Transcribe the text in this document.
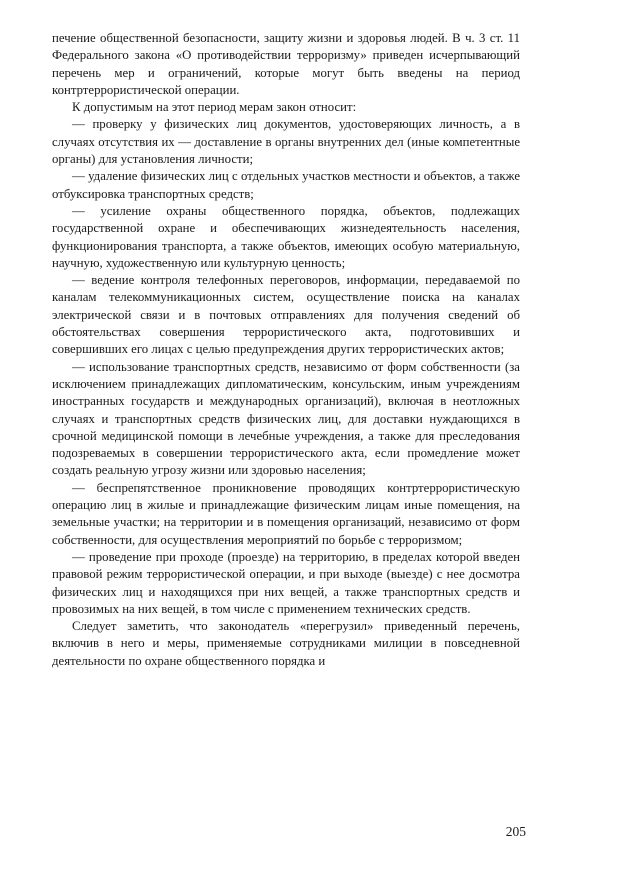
печение общественной безопасности, защиту жизни и здоровья людей. В ч. 3 ст. 11 Федерального закона «О противодействии терроризму» приведен исчерпывающий перечень мер и ограничений, которые могут быть введены на период контртеррористической операции.

К допустимым на этот период мерам закон относит:

— проверку у физических лиц документов, удостоверяющих личность, а в случаях отсутствия их — доставление в органы внутренних дел (иные компетентные органы) для установления личности;

— удаление физических лиц с отдельных участков местности и объектов, а также отбуксировка транспортных средств;

— усиление охраны общественного порядка, объектов, подлежащих государственной охране и обеспечивающих жизнедеятельность населения, функционирования транспорта, а также объектов, имеющих особую материальную, научную, художественную или культурную ценность;

— ведение контроля телефонных переговоров, информации, передаваемой по каналам телекоммуникационных систем, осуществление поиска на каналах электрической связи и в почтовых отправлениях для получения сведений об обстоятельствах совершения террористического акта, подготовивших и совершивших его лицах с целью предупреждения других террористических актов;

— использование транспортных средств, независимо от форм собственности (за исключением принадлежащих дипломатическим, консульским, иным учреждениям иностранных государств и международных организаций), включая в неотложных случаях и транспортных средств физических лиц, для доставки нуждающихся в срочной медицинской помощи в лечебные учреждения, а также для преследования подозреваемых в совершении террористического акта, если промедление может создать реальную угрозу жизни или здоровью населения;

— беспрепятственное проникновение проводящих контртеррористическую операцию лиц в жилые и принадлежащие физическим лицам иные помещения, на земельные участки; на территории и в помещения организаций, независимо от форм собственности, для осуществления мероприятий по борьбе с терроризмом;

— проведение при проходе (проезде) на территорию, в пределах которой введен правовой режим террористической операции, и при выходе (выезде) с нее досмотра физических лиц и находящихся при них вещей, а также транспортных средств и провозимых на них вещей, в том числе с применением технических средств.

Следует заметить, что законодатель «перегрузил» приведенный перечень, включив в него и меры, применяемые сотрудниками милиции в повседневной деятельности по охране общественного порядка и

205
